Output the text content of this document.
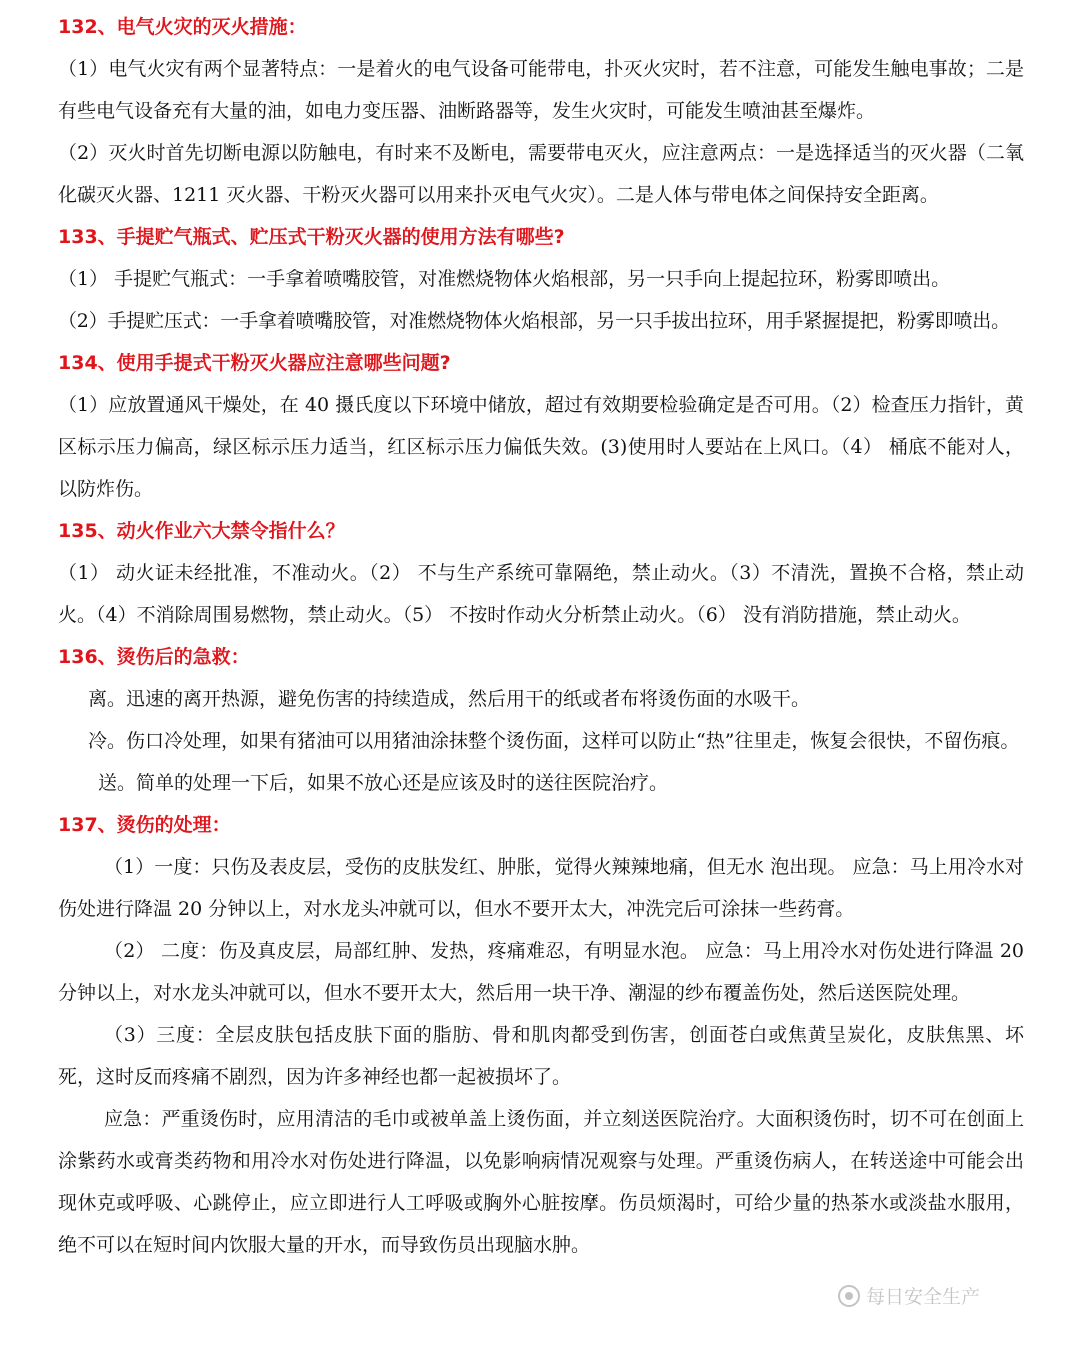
132、电气火灾的灭火措施：

（1）电气火灾有两个显著特点：一是着火的电气设备可能带电，扑灭火灾时，若不注意，可能发生触电事故；二是有些电气设备充有大量的油，如电力变压器、油断路器等，发生火灾时，可能发生喷油甚至爆炸。

（2）灭火时首先切断电源以防触电，有时来不及断电，需要带电灭火，应注意两点：一是选择适当的灭火器（二氧化碳灭火器、1211 灭火器、干粉灭火器可以用来扑灭电气火灾）。二是人体与带电体之间保持安全距离。

133、手提贮气瓶式、贮压式干粉灭火器的使用方法有哪些?

（1） 手提贮气瓶式：一手拿着喷嘴胶管，对准燃烧物体火焰根部，另一只手向上提起拉环，粉雾即喷出。

（2）手提贮压式：一手拿着喷嘴胶管，对准燃烧物体火焰根部，另一只手拔出拉环，用手紧握提把，粉雾即喷出。

134、使用手提式干粉灭火器应注意哪些问题?

（1）应放置通风干燥处，在 40 摄氏度以下环境中储放，超过有效期要检验确定是否可用。（2）检查压力指针，黄区标示压力偏高，绿区标示压力适当，红区标示压力偏低失效。(3)使用时人要站在上风口。（4） 桶底不能对人，以防炸伤。

135、动火作业六大禁令指什么？

（1） 动火证未经批准，不准动火。（2） 不与生产系统可靠隔绝，禁止动火。（3）不清洗，置换不合格，禁止动火。（4）不消除周围易燃物，禁止动火。（5） 不按时作动火分析禁止动火。（6） 没有消防措施，禁止动火。

136、烫伤后的急救：

离。迅速的离开热源，避免伤害的持续造成，然后用干的纸或者布将烫伤面的水吸干。

冷。伤口冷处理，如果有猪油可以用猪油涂抹整个烫伤面，这样可以防止“热”往里走，恢复会很快，不留伤痕。

送。简单的处理一下后，如果不放心还是应该及时的送往医院治疗。

137、烫伤的处理：

（1）一度：只伤及表皮层，受伤的皮肤发红、肿胀，觉得火辣辣地痛，但无水 泡出现。 应急：马上用冷水对伤处进行降温 20 分钟以上，对水龙头冲就可以，但水不要开太大，冲洗完后可涂抹一些药膏。

（2） 二度：伤及真皮层，局部红肿、发热，疼痛难忍，有明显水泡。 应急：马上用冷水对伤处进行降温 20 分钟以上，对水龙头冲就可以，但水不要开太大，然后用一块干净、潮湿的纱布覆盖伤处，然后送医院处理。

（3）三度：全层皮肤包括皮肤下面的脂肪、骨和肌肉都受到伤害，创面苍白或焦黄呈炭化，皮肤焦黑、坏死，这时反而疼痛不剧烈，因为许多神经也都一起被损坏了。

应急：严重烫伤时，应用清洁的毛巾或被单盖上烫伤面，并立刻送医院治疗。大面积烫伤时，切不可在创面上涂紫药水或膏类药物和用冷水对伤处进行降温，以免影响病情况观察与处理。严重烫伤病人，在转送途中可能会出现休克或呼吸、心跳停止，应立即进行人工呼吸或胸外心脏按摩。伤员烦渴时，可给少量的热茶水或淡盐水服用，绝不可以在短时间内饮服大量的开水，而导致伤员出现脑水肿。

每日安全生产
